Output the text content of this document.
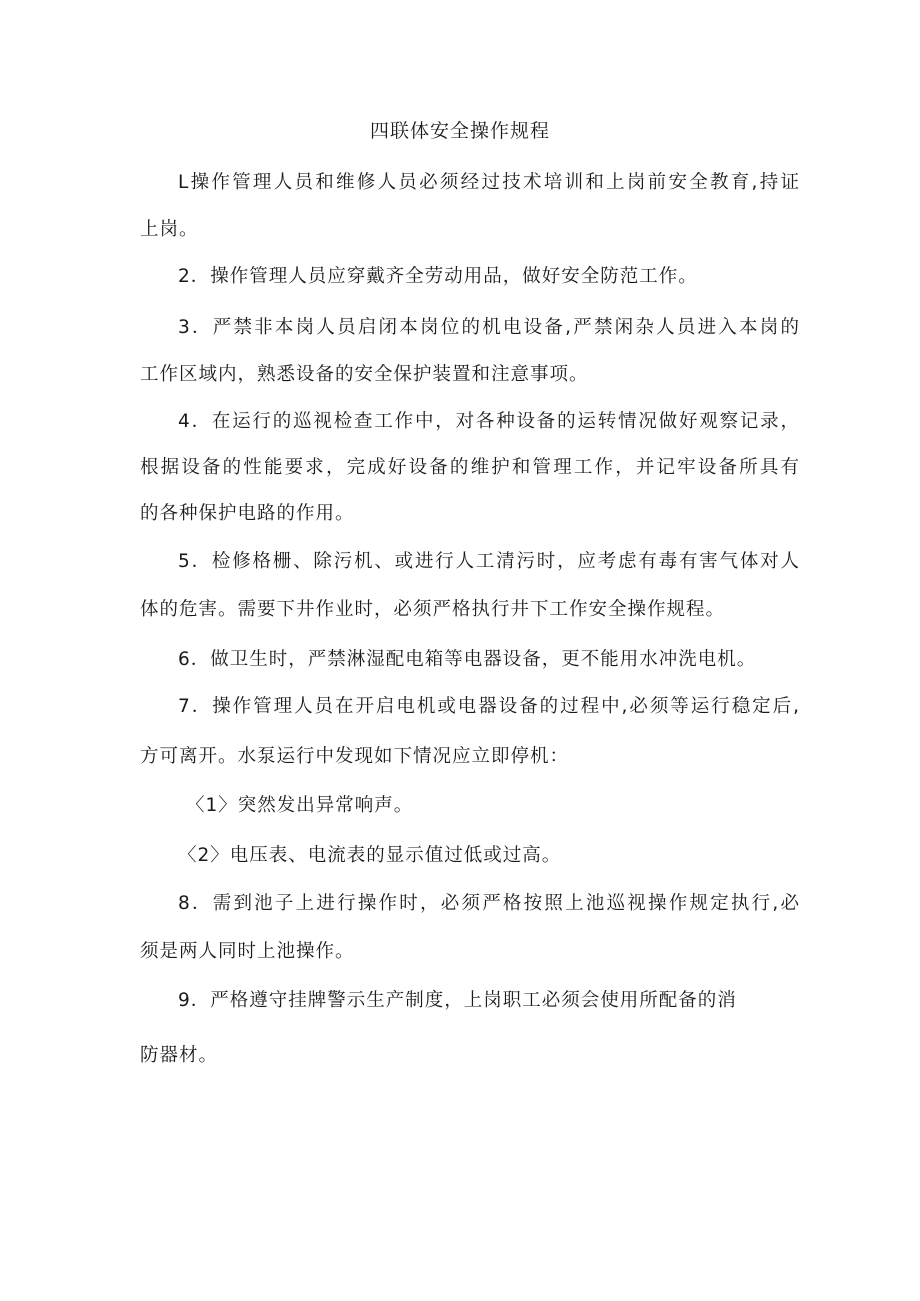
四联体安全操作规程

L操作管理人员和维修人员必须经过技术培训和上岗前安全教育,持证

上岗。

2．操作管理人员应穿戴齐全劳动用品，做好安全防范工作。

3．严禁非本岗人员启闭本岗位的机电设备,严禁闲杂人员进入本岗的

工作区域内，熟悉设备的安全保护装置和注意事项。

4．在运行的巡视检查工作中，对各种设备的运转情况做好观察记录，

根据设备的性能要求，完成好设备的维护和管理工作，并记牢设备所具有

的各种保护电路的作用。

5．检修格栅、除污机、或进行人工清污时，应考虑有毒有害气体对人

体的危害。需要下井作业时，必须严格执行井下工作安全操作规程。

6．做卫生时，严禁淋湿配电箱等电器设备，更不能用水冲洗电机。

7．操作管理人员在开启电机或电器设备的过程中,必须等运行稳定后,

方可离开。水泵运行中发现如下情况应立即停机：

〈1〉突然发出异常响声。

〈2〉电压表、电流表的显示值过低或过高。

8．需到池子上进行操作时，必须严格按照上池巡视操作规定执行,必

须是两人同时上池操作。

9．严格遵守挂牌警示生产制度，上岗职工必须会使用所配备的消

防器材。
